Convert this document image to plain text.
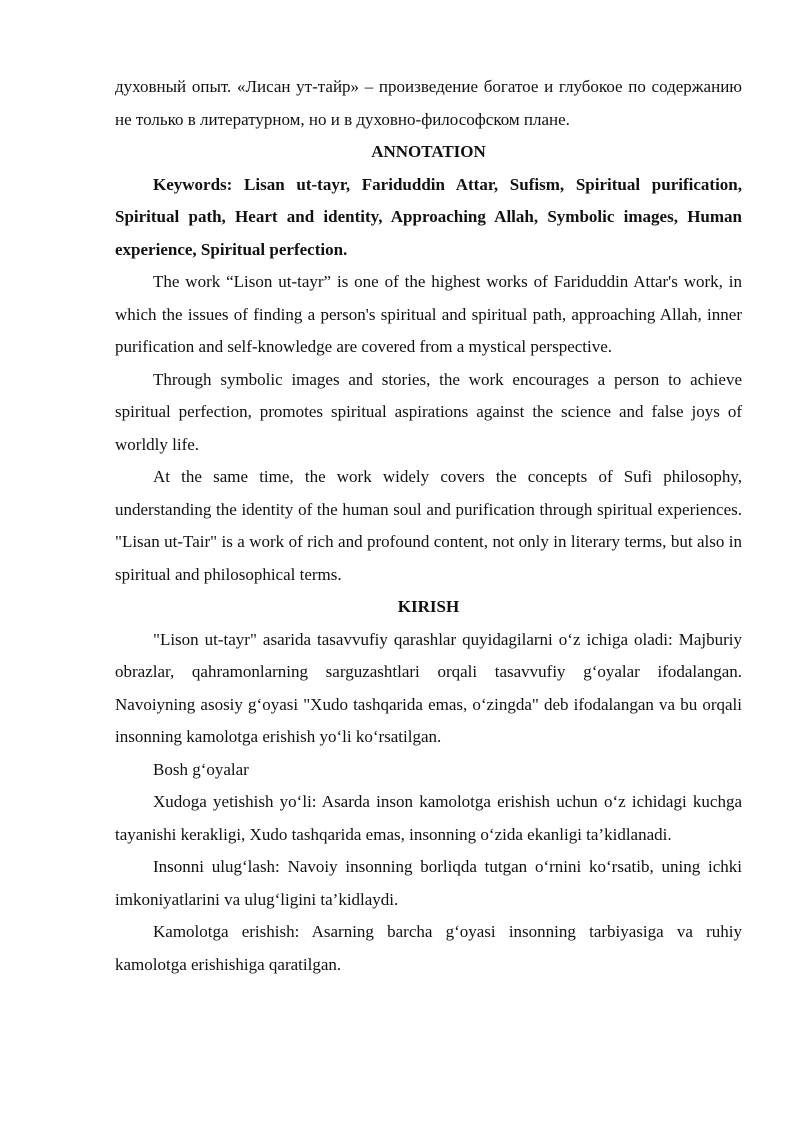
духовный опыт. «Лисан ут-тайр» – произведение богатое и глубокое по содержанию не только в литературном, но и в духовно-философском плане.

ANNOTATION

Keywords: Lisan ut-tayr, Fariduddin Attar, Sufism, Spiritual purification, Spiritual path, Heart and identity, Approaching Allah, Symbolic images, Human experience, Spiritual perfection.

The work “Lison ut-tayr” is one of the highest works of Fariduddin Attar's work, in which the issues of finding a person's spiritual and spiritual path, approaching Allah, inner purification and self-knowledge are covered from a mystical perspective.

Through symbolic images and stories, the work encourages a person to achieve spiritual perfection, promotes spiritual aspirations against the science and false joys of worldly life.

At the same time, the work widely covers the concepts of Sufi philosophy, understanding the identity of the human soul and purification through spiritual experiences. "Lisan ut-Tair" is a work of rich and profound content, not only in literary terms, but also in spiritual and philosophical terms.

KIRISH

"Lison ut-tayr" asarida tasavvufiy qarashlar quyidagilarni o‘z ichiga oladi: Majburiy obrazlar, qahramonlarning sarguzashtlari orqali tasavvufiy g‘oyalar ifodalangan. Navoiyning asosiy g‘oyasi "Xudo tashqarida emas, o‘zingda" deb ifodalangan va bu orqali insonning kamolotga erishish yo‘li ko‘rsatilgan.

Bosh g‘oyalar

Xudoga yetishish yo‘li: Asarda inson kamolotga erishish uchun o‘z ichidagi kuchga tayanishi kerakligi, Xudo tashqarida emas, insonning o‘zida ekanligi ta’kidlanadi.

Insonni ulug‘lash: Navoiy insonning borliqda tutgan o‘rnini ko‘rsatib, uning ichki imkoniyatlarini va ulug‘ligini ta’kidlaydi.

Kamolotga erishish: Asarning barcha g‘oyasi insonning tarbiyasiga va ruhiy kamolotga erishishiga qaratilgan.
